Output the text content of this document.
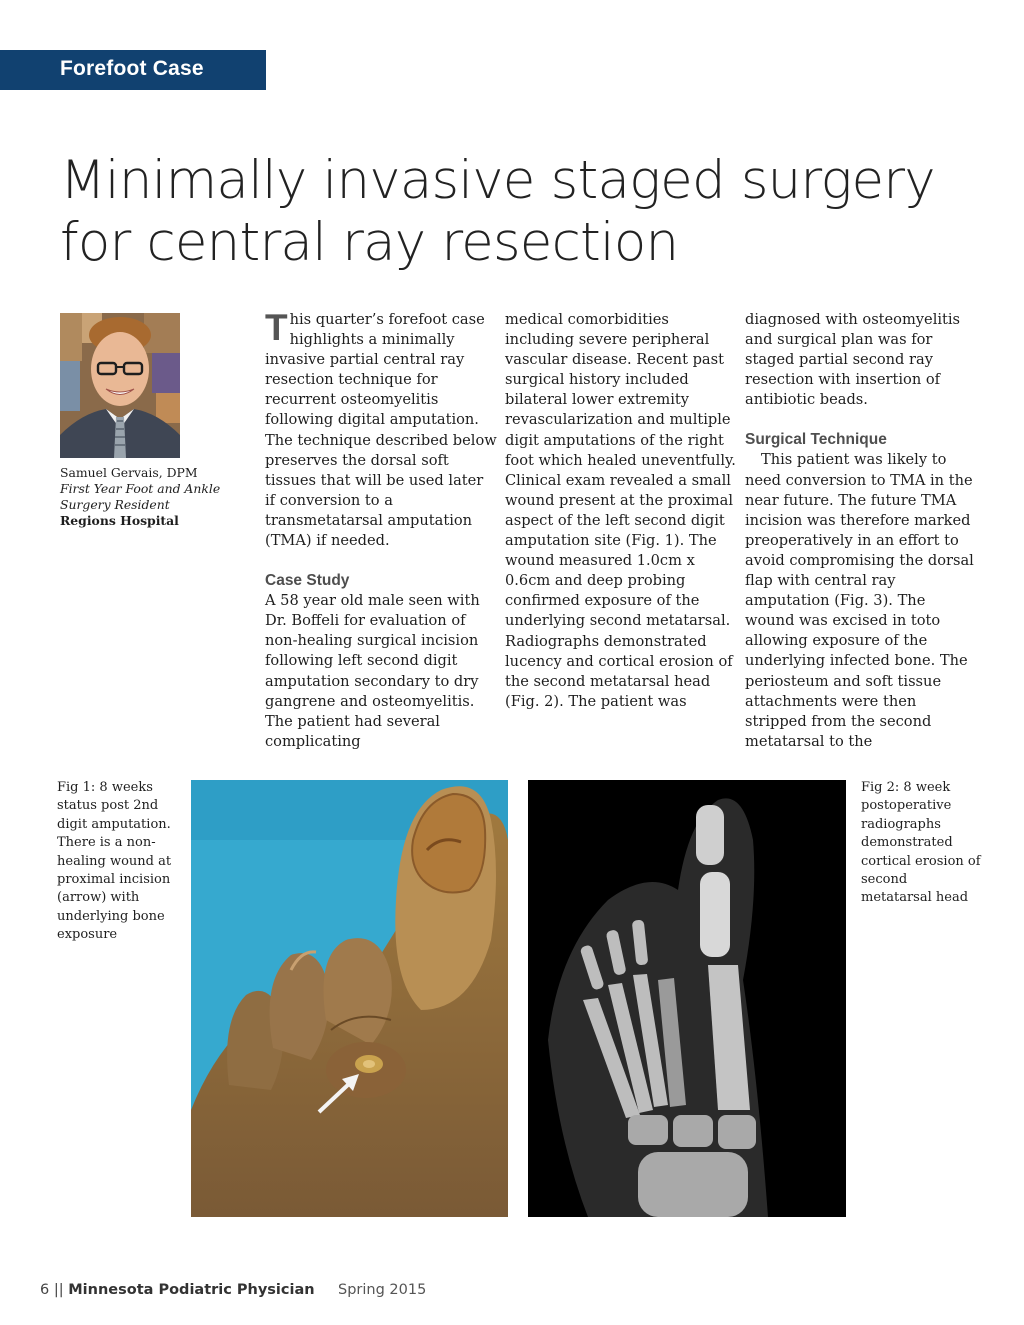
Forefoot Case
Minimally invasive staged surgery
for central ray resection
Samuel Gervais, DPM
First Year Foot and Ankle
Surgery Resident
Regions Hospital

This quarter’s forefoot case highlights a minimally invasive partial central ray resection technique for recurrent osteomyelitis following digital amputation. The technique described below preserves the dorsal soft tissues that will be used later if conversion to a transmetatarsal amputation (TMA) if needed.

Case Study

A 58 year old male seen with Dr. Boffeli for evaluation of non-healing surgical incision following left second digit amputation secondary to dry gangrene and osteomyelitis. The patient had several complicating

medical comorbidities including severe peripheral vascular disease. Recent past surgical history included bilateral lower extremity revascularization and multiple digit amputations of the right foot which healed uneventfully. Clinical exam revealed a small wound present at the proximal aspect of the left second digit amputation site (Fig. 1). The wound measured 1.0cm x 0.6cm and deep probing confirmed exposure of the underlying second metatarsal. Radiographs demonstrated lucency and cortical erosion of the second metatarsal head (Fig. 2). The patient was

diagnosed with osteomyelitis and surgical plan was for staged partial second ray resection with insertion of antibiotic beads.

Surgical Technique

This patient was likely to need conversion to TMA in the near future. The future TMA incision was therefore marked preoperatively in an effort to avoid compromising the dorsal flap with central ray amputation (Fig. 3). The wound was excised in toto allowing exposure of the underlying infected bone. The periosteum and soft tissue attachments were then stripped from the second metatarsal to the

Fig 1: 8 weeks status post 2nd digit amputation. There is a non-healing wound at proximal incision (arrow) with underlying bone exposure
Fig 2: 8 week postoperative radiographs demonstrated cortical erosion of second metatarsal head
6 || Minnesota Podiatric Physician Spring 2015
